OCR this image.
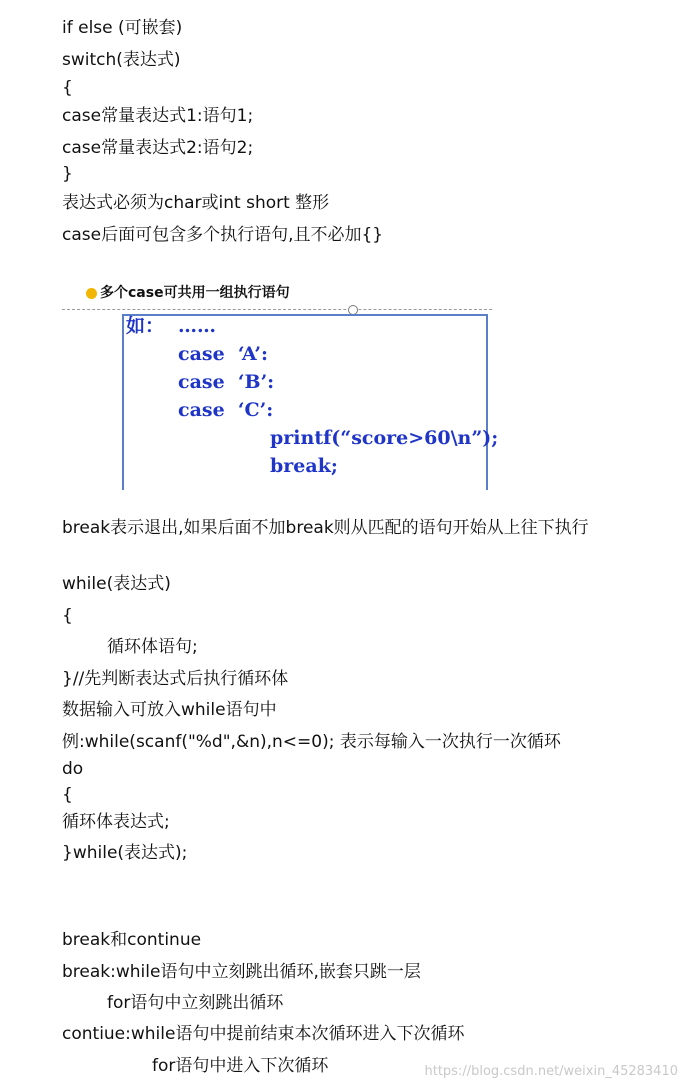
if else (可嵌套)
switch(表达式)
{
case常量表达式1:语句1;
case常量表达式2:语句2;
}
表达式必须为char或int short 整形
case后面可包含多个执行语句,且不必加{}
多个case可共用一组执行语句
如： ……
case  ‘A’:
case  ‘B’:
case  ‘C’:
printf(“score>60\n”);
break;
break表示退出,如果后面不加break则从匹配的语句开始从上往下执行
while(表达式)
{
循环体语句;
}//先判断表达式后执行循环体
数据输入可放入while语句中
例:while(scanf("%d",&n),n<=0); 表示每输入一次执行一次循环
do
{
循环体表达式;
}while(表达式);
break和continue
break:while语句中立刻跳出循环,嵌套只跳一层
for语句中立刻跳出循环
contiue:while语句中提前结束本次循环进入下次循环
for语句中进入下次循环	https://blog.csdn.net/weixin_45283410
